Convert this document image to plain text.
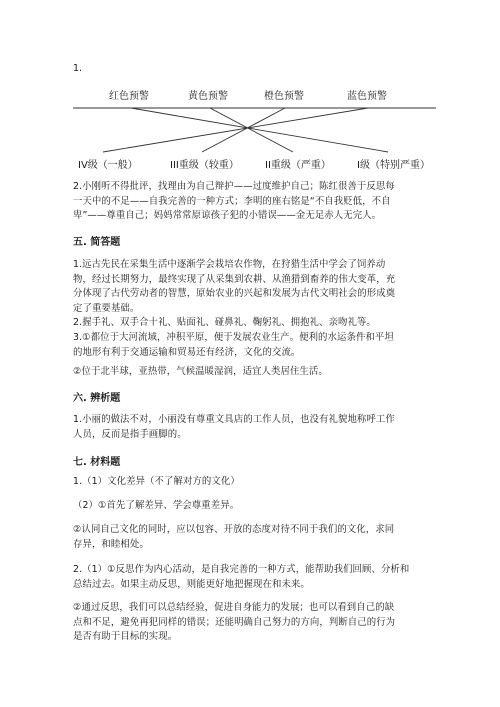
1.
红色预警	黄色预警	橙色预警	蓝色预警
IV级（一般）	III重级（较重）	II重级（严重）	I级（特别严重）

2.小刚听不得批评，找理由为自己辩护——过度维护自己；陈红很善于反思每

一天中的不足——自我完善的一种方式；李明的座右铭是“不自我贬低，不自

卑”——尊重自己；妈妈常常原谅孩子犯的小错误——金无足赤人无完人。

五. 简答题

1.远古先民在采集生活中逐渐学会栽培农作物，在狩猎生活中学会了饲养动

物，经过长期努力，最终实现了从采集到农耕、从渔猎到畜养的伟大变革，充

分体现了古代劳动者的智慧，原始农业的兴起和发展为古代文明社会的形成奠

定了重要基础。

2.握手礼、双手合十礼、贴面礼、碰鼻礼、鞠躬礼、拥抱礼、亲吻礼等。

3.①都位于大河流域，冲积平原，便于发展农业生产。便利的水运条件和平坦

的地形有利于交通运输和贸易还有经济，文化的交流。

②位于北半球，亚热带，气候温暖湿润，适宜人类居住生活。
六. 辨析题

1.小丽的做法不对，小丽没有尊重文具店的工作人员，也没有礼貌地称呼工作

人员，反而是指手画脚的。

七. 材料题
1.（1）文化差异（不了解对方的文化）
（2）①首先了解差异、学会尊重差异。

②认同自己文化的同时，应以包容、开放的态度对待不同于我们的文化，求同

存异，和睦相处。

2.（1）①反思作为内心活动，是自我完善的一种方式，能帮助我们回顾、分析和

总结过去。如果主动反思，则能更好地把握现在和未来。

②通过反思，我们可以总结经验，促进自身能力的发展；也可以看到自己的缺

点和不足，避免再犯同样的错误；还能明确自己努力的方向，判断自己的行为

是否有助于目标的实现。
